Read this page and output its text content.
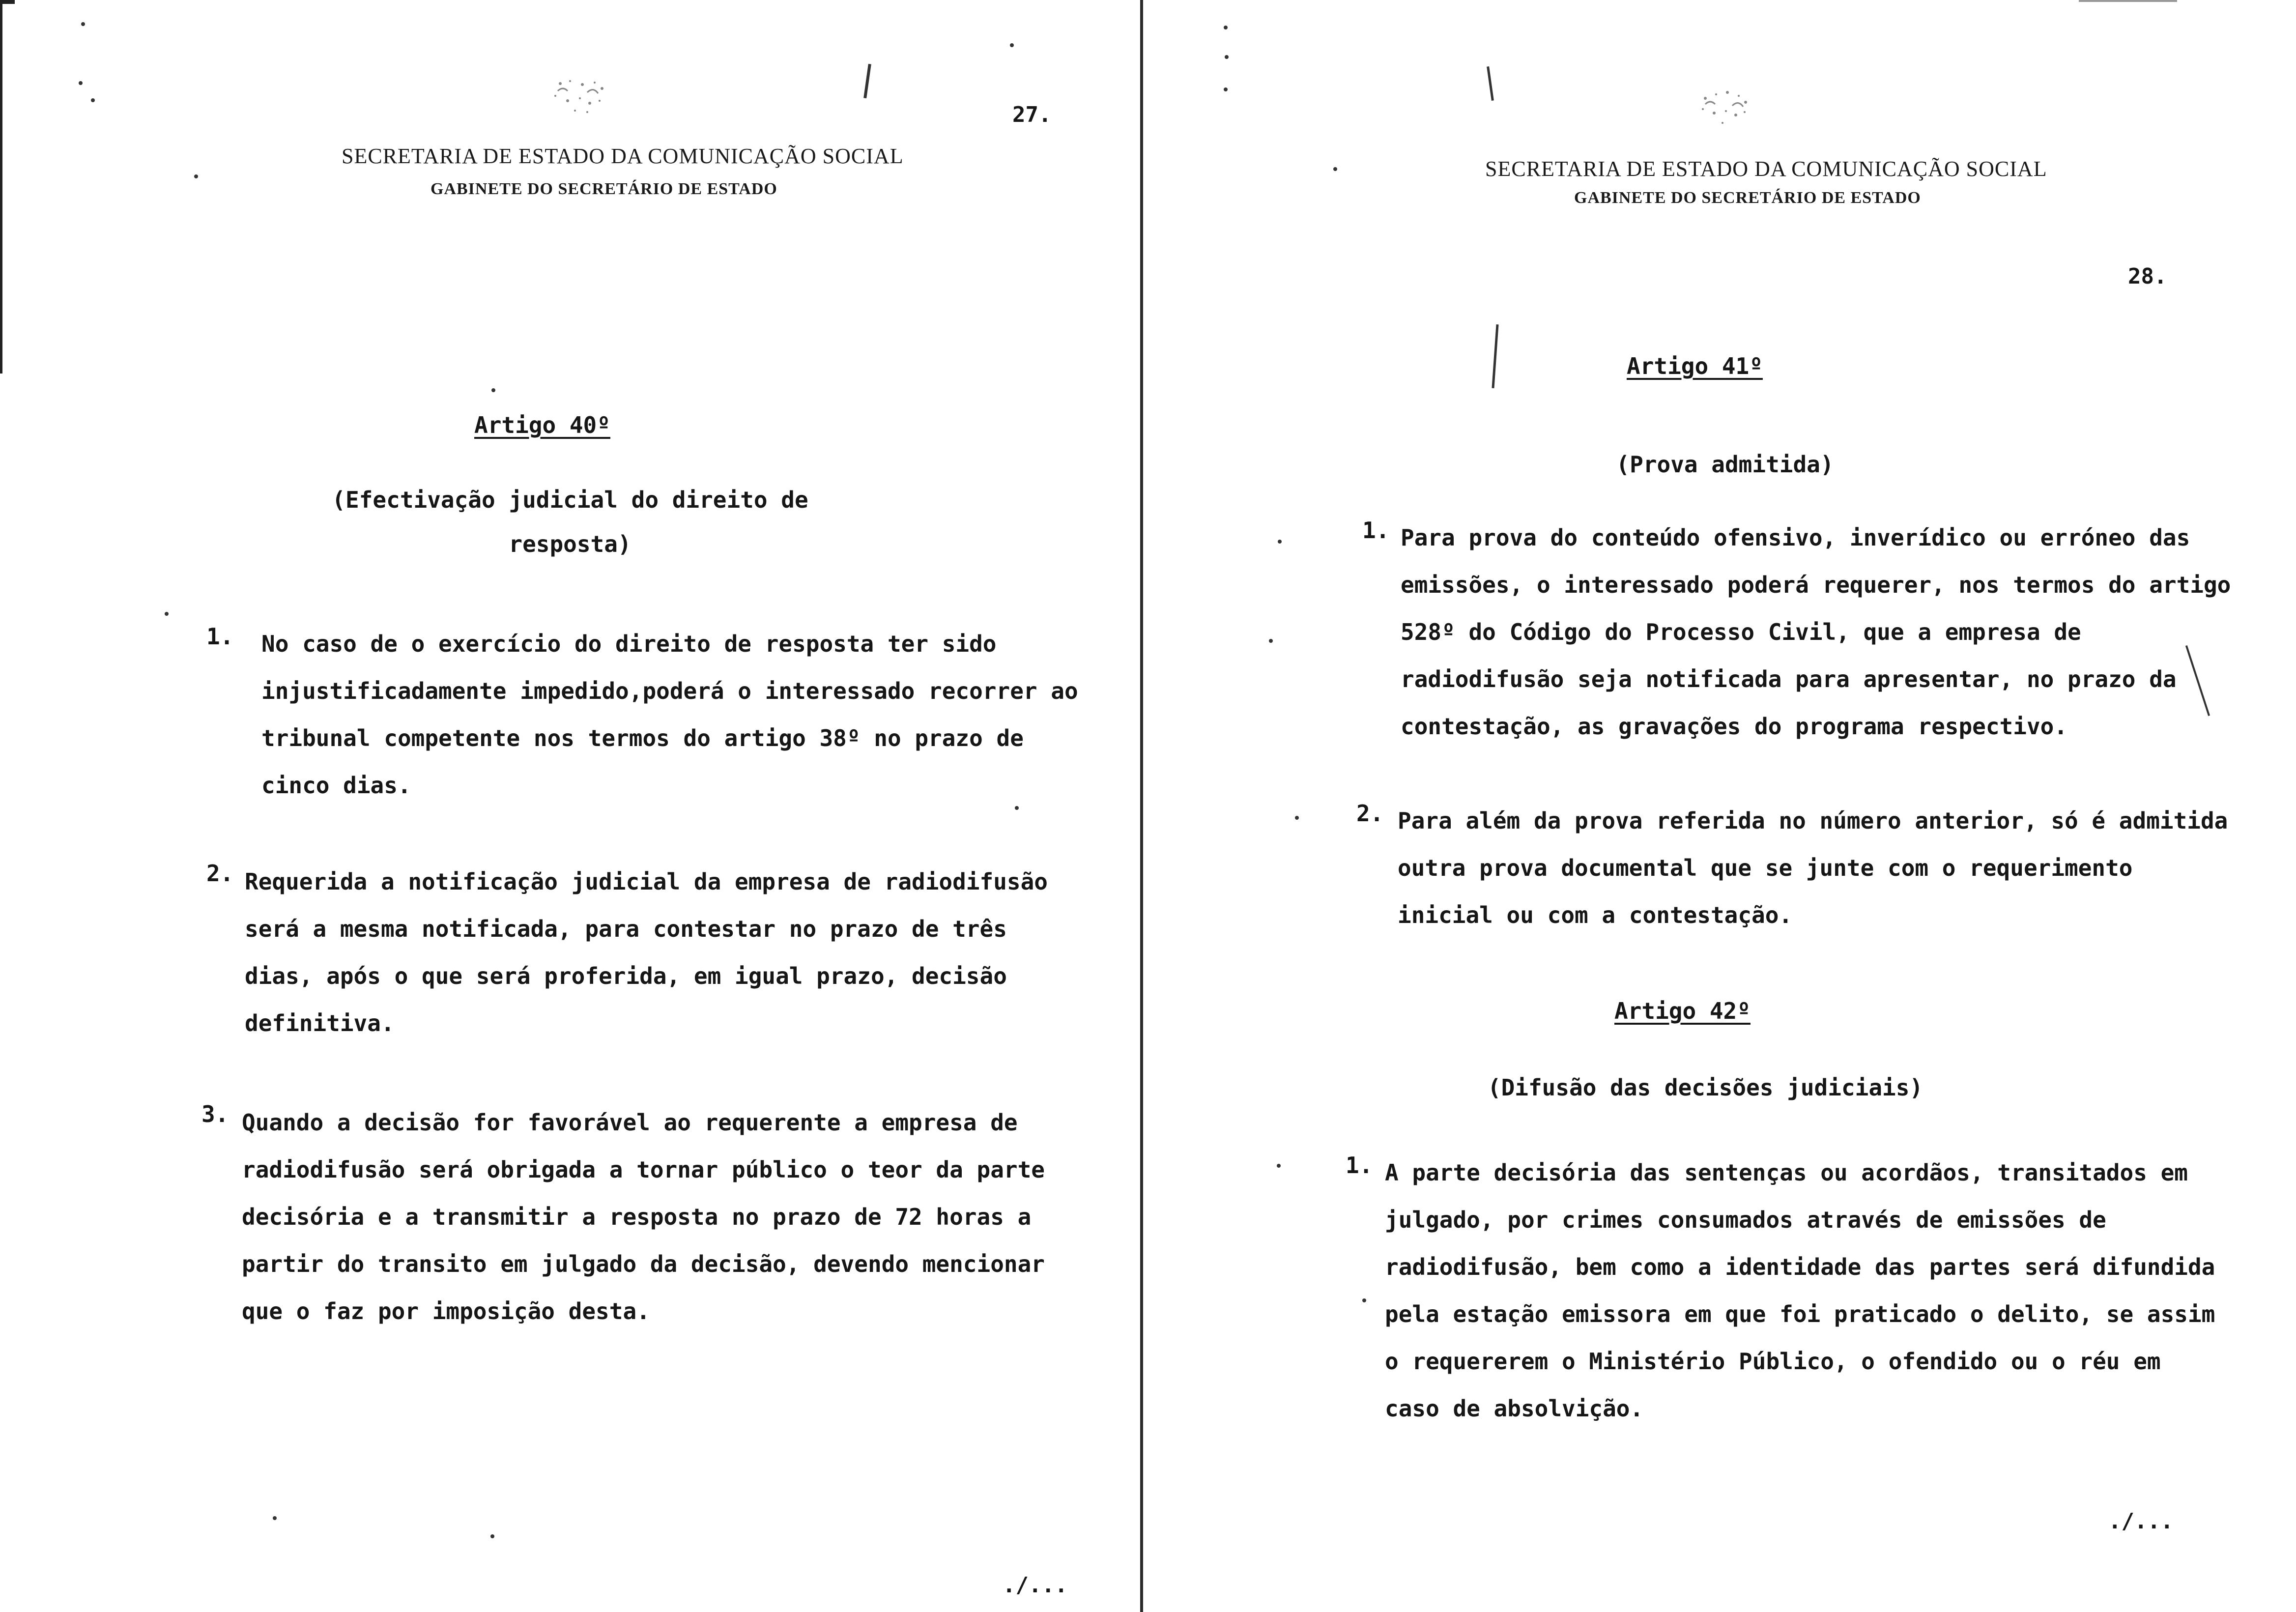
27.
SECRETARIA DE ESTADO DA COMUNICAÇÃO SOCIAL
GABINETE DO SECRETÁRIO DE ESTADO
Artigo 40º
(Efectivação judicial do direito de resposta)
1. No caso de o exercício do direito de resposta ter sido injustificadamente impedido,poderá o interessado recorrer ao tribunal competente nos termos do artigo 38º no prazo de cinco dias.
2. Requerida a notificação judicial da empresa de radiodifusão será a mesma notificada, para contestar no prazo de três dias, após o que será proferida, em igual prazo, decisão definitiva.
3. Quando a decisão for favorável ao requerente a empresa de radiodifusão será obrigada a tornar público o teor da parte decisória e a transmitir a resposta no prazo de 72 horas a partir do transito em julgado da decisão, devendo mencionar que o faz por imposição desta.
./...
SECRETARIA DE ESTADO DA COMUNICAÇÃO SOCIAL
GABINETE DO SECRETÁRIO DE ESTADO
28.
Artigo 41º
(Prova admitida)
1. Para prova do conteúdo ofensivo, inverídico ou erróneo das emissões, o interessado poderá requerer, nos termos do artigo 528º do Código do Processo Civil, que a empresa de radiodifusão seja notificada para apresentar, no prazo da contestação, as gravações do programa respectivo.
2. Para além da prova referida no número anterior, só é admitida outra prova documental que se junte com o requerimento inicial ou com a contestação.
Artigo 42º
(Difusão das decisões judiciais)
1. A parte decisória das sentenças ou acordãos, transitados em julgado, por crimes consumados através de emissões de radiodifusão, bem como a identidade das partes será difundida pela estação emissora em que foi praticado o delito, se assim o requererem o Ministério Público, o ofendido ou o réu em caso de absolvição.
./...
